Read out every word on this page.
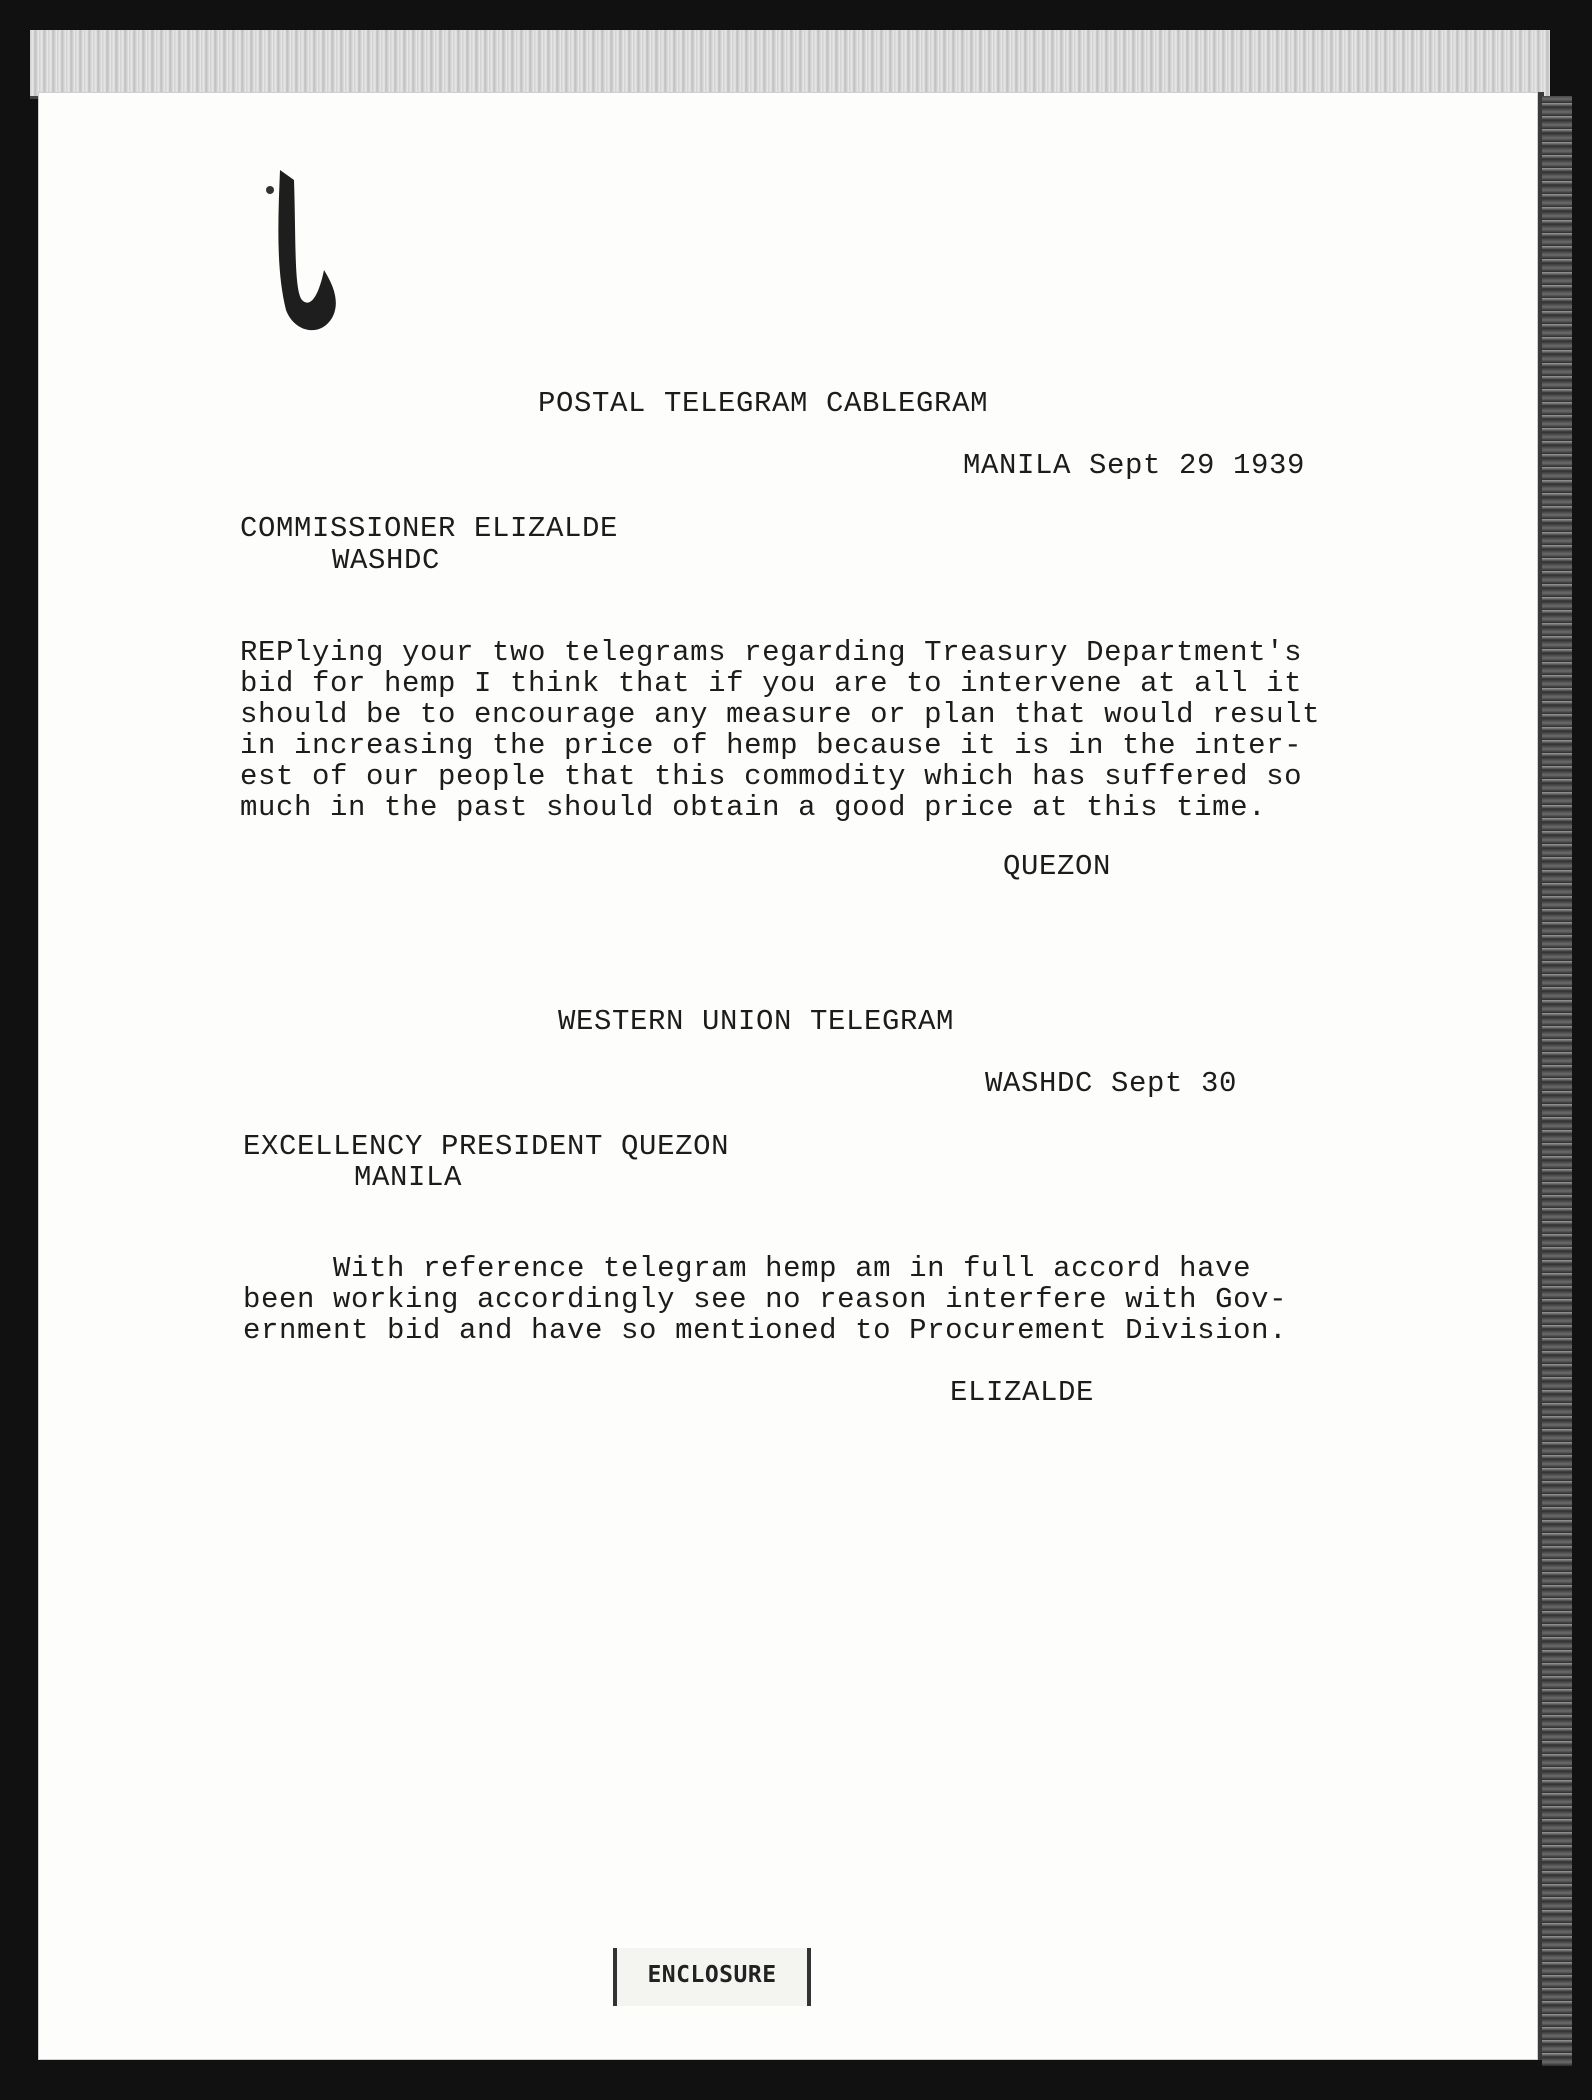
POSTAL TELEGRAM CABLEGRAM
MANILA Sept 29 1939
COMMISSIONER ELIZALDE
WASHDC
REPlying your two telegrams regarding Treasury Department's
bid for hemp I think that if you are to intervene at all it
should be to encourage any measure or plan that would result
in increasing the price of hemp because it is in the inter-
est of our people that this commodity which has suffered so
much in the past should obtain a good price at this time.
QUEZON
WESTERN UNION TELEGRAM
WASHDC Sept 30
EXCELLENCY PRESIDENT QUEZON
MANILA
With reference telegram hemp am in full accord have
been working accordingly see no reason interfere with Gov-
ernment bid and have so mentioned to Procurement Division.
ELIZALDE
ENCLOSURE
